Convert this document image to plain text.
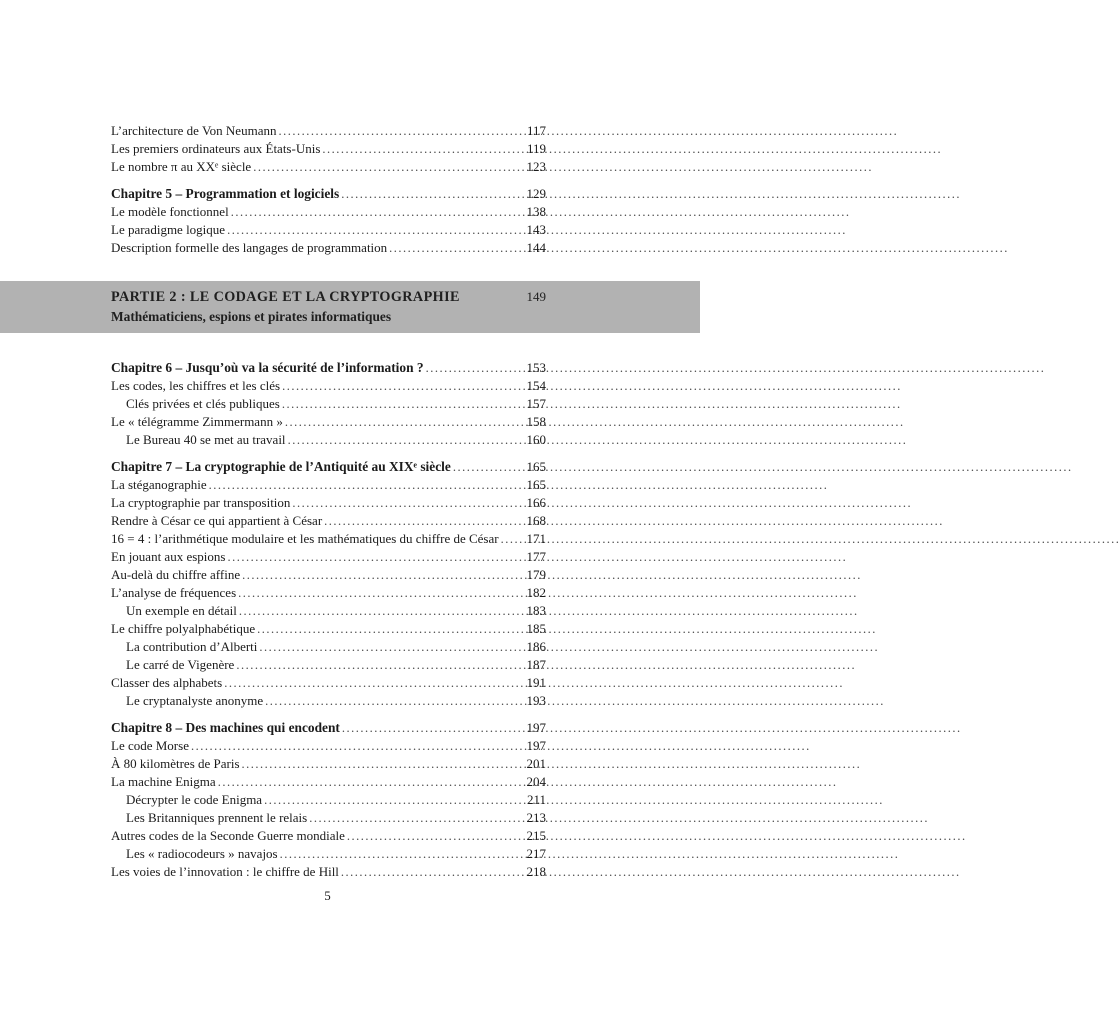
L’architecture de Von Neumann .....	117
Les premiers ordinateurs aux États-Unis .....	119
Le nombre π au XXᵉ siècle .....	123
Chapitre 5 – Programmation et logiciels .....	129
Le modèle fonctionnel .....	138
Le paradigme logique .....	143
Description formelle des langages de programmation .....	144
PARTIE 2 : LE CODAGE ET LA CRYPTOGRAPHIE	149
Mathématiciens, espions et pirates informatiques
Chapitre 6 – Jusqu’où va la sécurité de l’information ? .....	153
Les codes, les chiffres et les clés .....	154
Clés privées et clés publiques .....	157
Le « télégramme Zimmermann » .....	158
Le Bureau 40 se met au travail .....	160
Chapitre 7 – La cryptographie de l’Antiquité au XIXᵉ siècle .....	165
La stéganographie .....	165
La cryptographie par transposition .....	166
Rendre à César ce qui appartient à César .....	168
16 = 4 : l’arithmétique modulaire et les mathématiques du chiffre de César ..... 171
En jouant aux espions .....	177
Au-delà du chiffre affine .....	179
L’analyse de fréquences .....	182
Un exemple en détail .....	183
Le chiffre polyalphabétique .....	185
La contribution d’Alberti .....	186
Le carré de Vigenère .....	187
Classer des alphabets .....	191
Le cryptanalyste anonyme .....	193
Chapitre 8 – Des machines qui encodent .....	197
Le code Morse .....	197
À 80 kilomètres de Paris .....	201
La machine Enigma .....	204
Décrypter le code Enigma .....	211
Les Britanniques prennent le relais .....	213
Autres codes de la Seconde Guerre mondiale .....	215
Les « radiocodeurs » navajos .....	217
Les voies de l’innovation : le chiffre de Hill .....	218
5
